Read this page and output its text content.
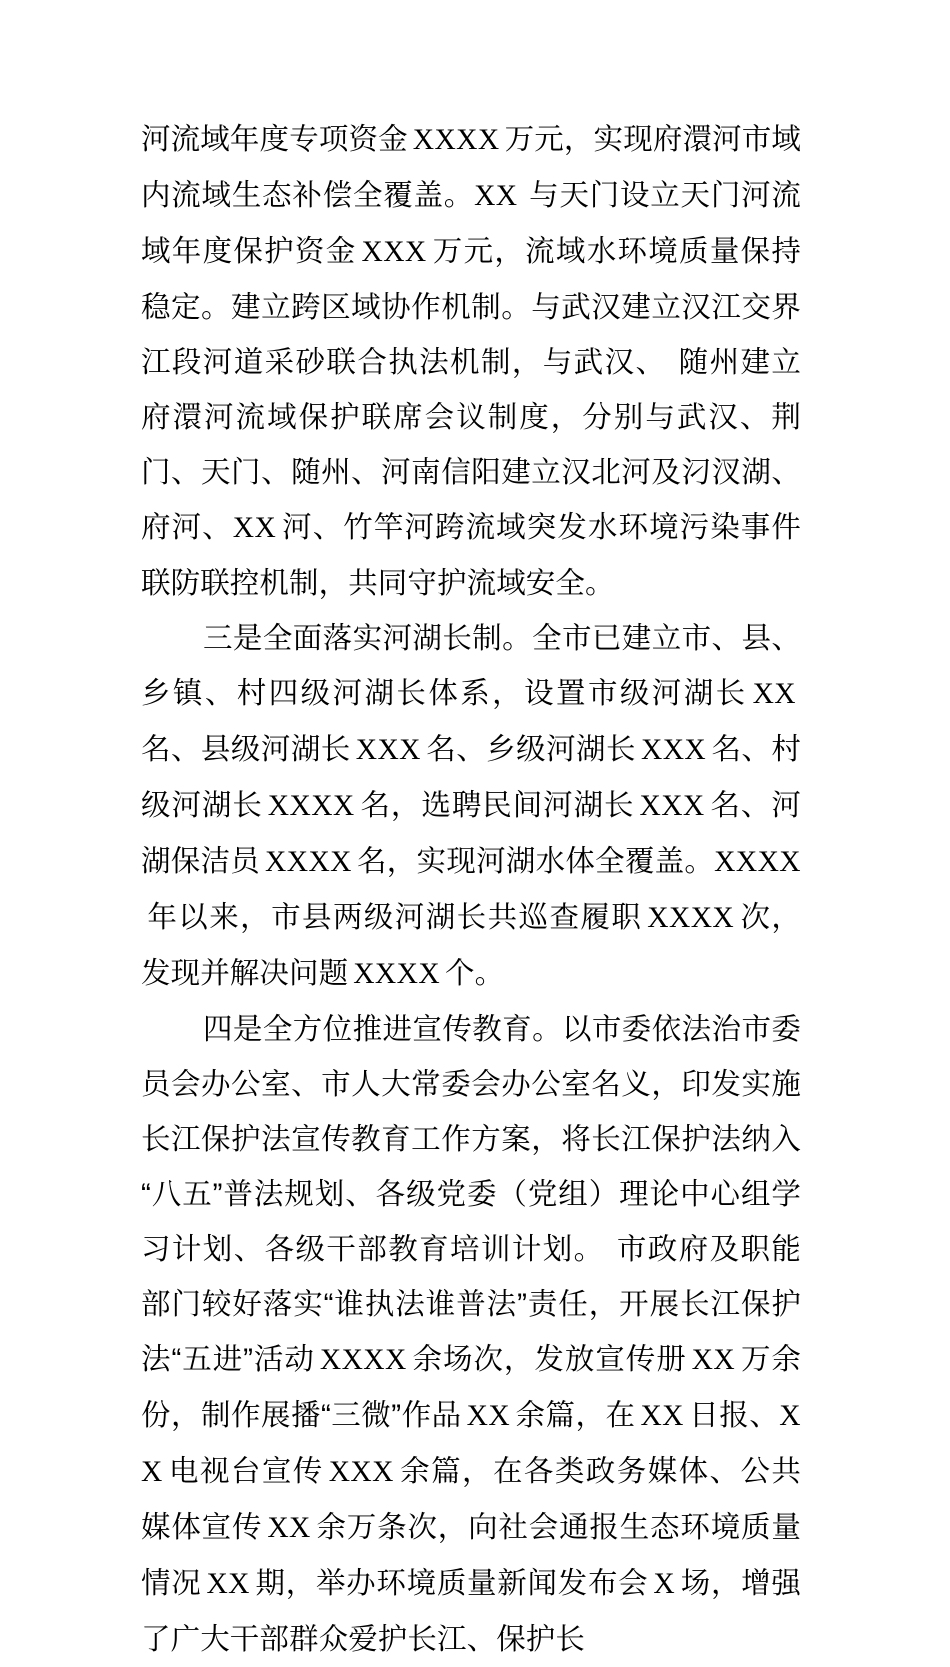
河流域年度专项资金 XXXX 万元，实现府澴河市域内流域生态补偿全覆盖。XX 与天门设立天门河流域年度保护资金 XXX 万元，流域水环境质量保持稳定。建立跨区域协作机制。与武汉建立汉江交界江段河道采砂联合执法机制，与武汉、 随州建立府澴河流域保护联席会议制度，分别与武汉、荆门、天门、随州、河南信阳建立汉北河及汈汊湖、府河、XX 河、竹竿河跨流域突发水环境污染事件联防联控机制，共同守护流域安全。

三是全面落实河湖长制。全市已建立市、县、乡镇、村四级河湖长体系，设置市级河湖长 XX名、县级河湖长 XXX 名、乡级河湖长 XXX 名、村级河湖长 XXXX 名，选聘民间河湖长 XXX 名、河湖保洁员 XXXX 名，实现河湖水体全覆盖。XXXX年以来，市县两级河湖长共巡查履职 XXXX 次，发现并解决问题 XXXX 个。

四是全方位推进宣传教育。以市委依法治市委员会办公室、市人大常委会办公室名义，印发实施长江保护法宣传教育工作方案，将长江保护法纳入“八五”普法规划、各级党委（党组）理论中心组学习计划、各级干部教育培训计划。 市政府及职能部门较好落实“谁执法谁普法”责任，开展长江保护法“五进”活动 XXXX 余场次，发放宣传册 XX 万余份，制作展播“三微”作品 XX 余篇，在 XX 日报、XX 电视台宣传 XXX 余篇，在各类政务媒体、公共媒体宣传 XX 余万条次，向社会通报生态环境质量情况 XX 期，举办环境质量新闻发布会 X 场，增强了广大干部群众爱护长江、保护长
